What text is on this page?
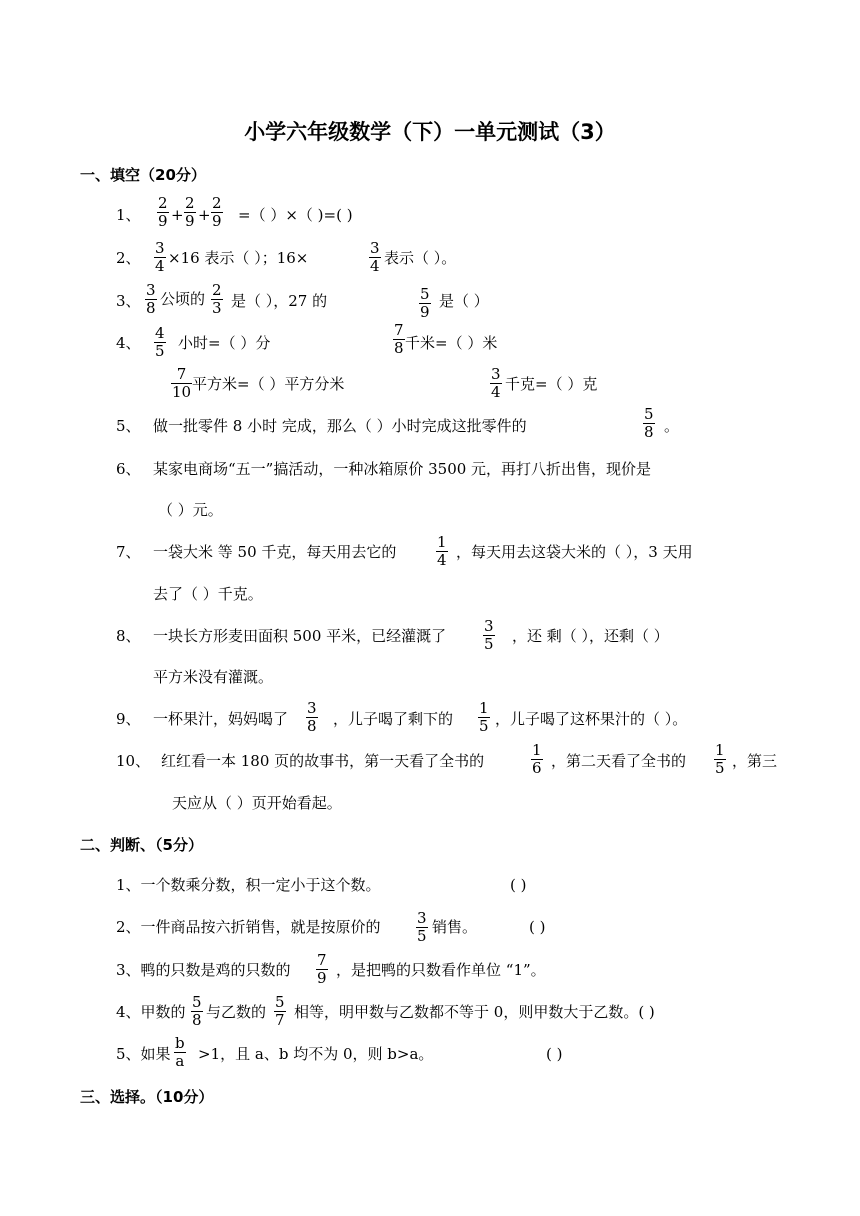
小学六年级数学（下）一单元测试（3）
一、填空（20分）
1、
2
9 +
2
9 +
2
9 =（ ）×（ )=( )
2、
3
4 ×16 表示（ ）；16×
3
4 表示（ ）。
3、
3
8 公顷的 2
3 是（ ），27 的	5
9
是（ ）
4、
4
5 小时=（ ）分
7
8 千米=（ ）米
7
10 平方米=（ ）平方分米
3
4 千克=（ ）克
5、 做一批零件 8 小时 完成，那么（ ）小时完成这批零件的
5
8 。
6、 某家电商场“五一”搞活动，一种冰箱原价 3500 元，再打八折出售，现价是
（ ）元。
7、 一袋大米 等 50 千克，每天用去它的
1
4 ，每天用去这袋大米的（ ），3 天用
去了（ ）千克。
8、 一块长方形麦田面积 500 平米，已经灌溉了
3
5 ，还 剩（ ），还剩（ ）
平方米没有灌溉。
9、 一杯果汁，妈妈喝了
3
8 ，儿子喝了剩下的
1
5 ，儿子喝了这杯果汁的（ ）。
10、 红红看一本 180 页的故事书，第一天看了全书的
1
6 ，第二天看了全书的
1
5 ，第三
天应从（ ）页开始看起。
二、判断、（5分）
1、一个数乘分数，积一定小于这个数。	( )
2、一件商品按六折销售，就是按原价的 3
5 销售。	( )
3、鸭的只数是鸡的只数的
7
9 ，是把鸭的只数看作单位 “1”。
4、甲数的
5
8 与乙数的
5
7 相等，明甲数与乙数都不等于 0，则甲数大于乙数。( )
5、如果
b
a >1，且 a、b 均不为 0，则 b>a。	( )
三、选择。（10分）
